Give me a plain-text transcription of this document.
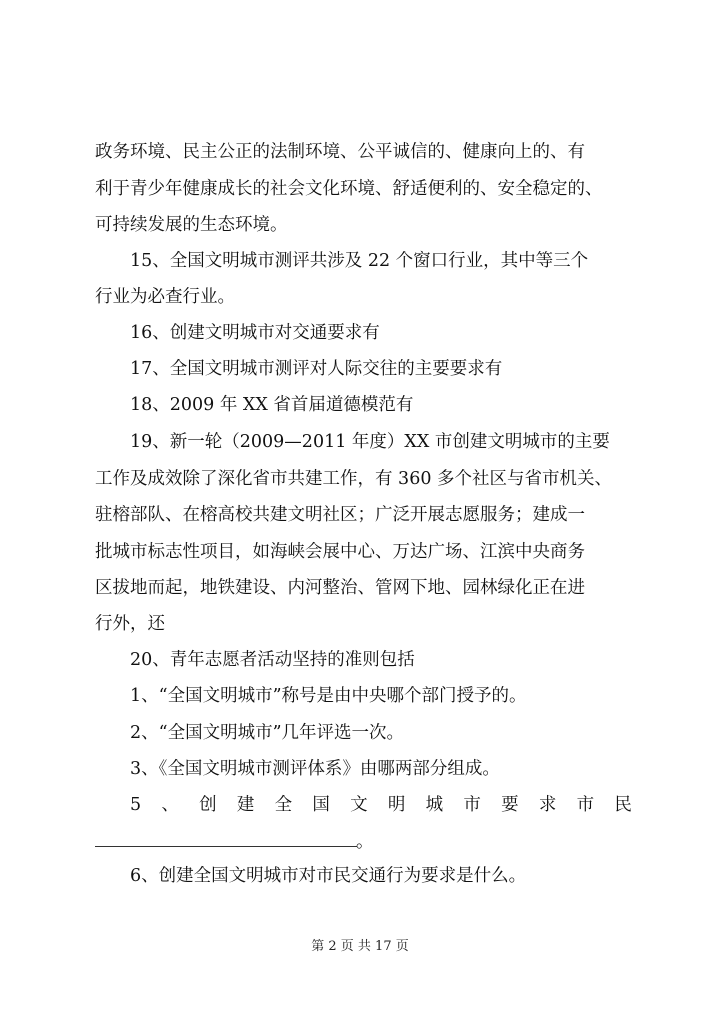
政务环境、民主公正的法制环境、公平诚信的、健康向上的、有
利于青少年健康成长的社会文化环境、舒适便利的、安全稳定的、
可持续发展的生态环境。
15、全国文明城市测评共涉及 22 个窗口行业，其中等三个
行业为必查行业。
16、创建文明城市对交通要求有
17、全国文明城市测评对人际交往的主要要求有
18、2009 年 XX 省首届道德模范有
19、新一轮（2009—2011 年度）XX 市创建文明城市的主要
工作及成效除了深化省市共建工作，有 360 多个社区与省市机关、
驻榕部队、在榕高校共建文明社区；广泛开展志愿服务；建成一
批城市标志性项目，如海峡会展中心、万达广场、江滨中央商务
区拔地而起，地铁建设、内河整治、管网下地、园林绿化正在进
行外，还
20、青年志愿者活动坚持的准则包括
1、“全国文明城市”称号是由中央哪个部门授予的。
2、“全国文明城市”几年评选一次。
3、《全国文明城市测评体系》由哪两部分组成。
5 、 创 建 全 国 文 明 城 市 要 求 市 民
。
6、创建全国文明城市对市民交通行为要求是什么。
第 2 页 共 17 页
